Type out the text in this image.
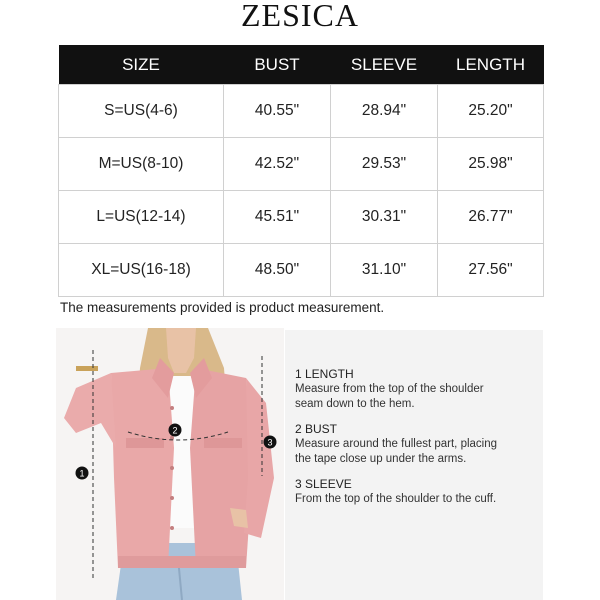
ZESICA
SIZE	BUST	SLEEVE	LENGTH
S=US(4-6)	40.55"	28.94"	25.20"
M=US(8-10)	42.52"	29.53"	25.98"
L=US(12-14)	45.51"	30.31"	26.77"
XL=US(16-18)	48.50"	31.10"	27.56"
The measurements provided is product measurement.
1
2
3
1 LENGTH
Measure from the top of the shoulder
seam down to the hem.
2 BUST
Measure around the fullest part, placing
the tape close up under the arms.
3 SLEEVE
From the top of the shoulder to the cuff.
